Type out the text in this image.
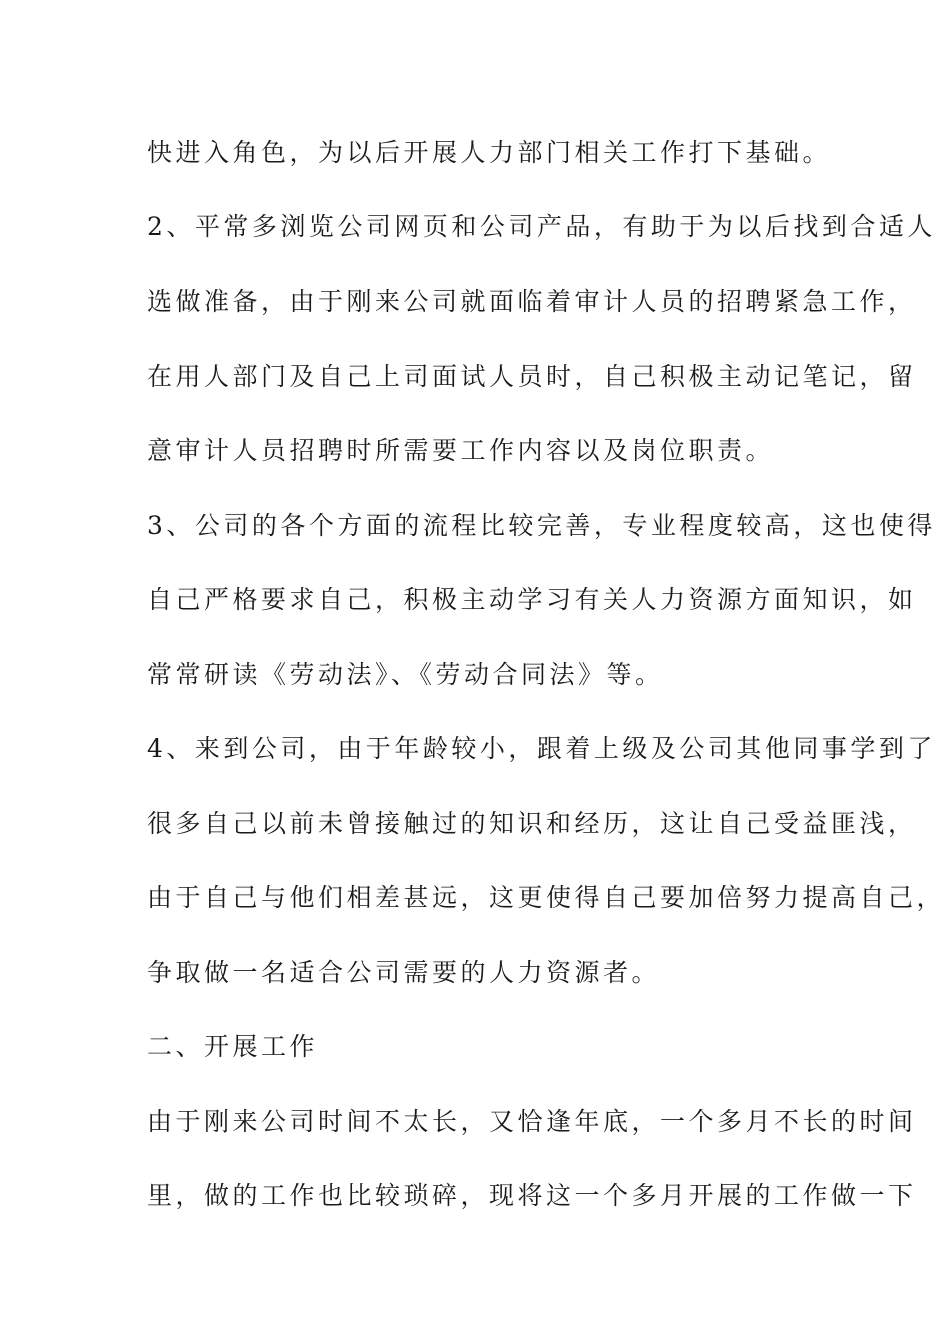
快进入角色，为以后开展人力部门相关工作打下基础。
2、平常多浏览公司网页和公司产品，有助于为以后找到合适人
选做准备，由于刚来公司就面临着审计人员的招聘紧急工作，
在用人部门及自己上司面试人员时，自己积极主动记笔记，留
意审计人员招聘时所需要工作内容以及岗位职责。
3、公司的各个方面的流程比较完善，专业程度较高，这也使得
自己严格要求自己，积极主动学习有关人力资源方面知识，如
常常研读《劳动法》、《劳动合同法》等。
4、来到公司，由于年龄较小，跟着上级及公司其他同事学到了
很多自己以前未曾接触过的知识和经历，这让自己受益匪浅，
由于自己与他们相差甚远，这更使得自己要加倍努力提高自己，
争取做一名适合公司需要的人力资源者。
二、开展工作
由于刚来公司时间不太长，又恰逢年底，一个多月不长的时间
里，做的工作也比较琐碎，现将这一个多月开展的工作做一下
